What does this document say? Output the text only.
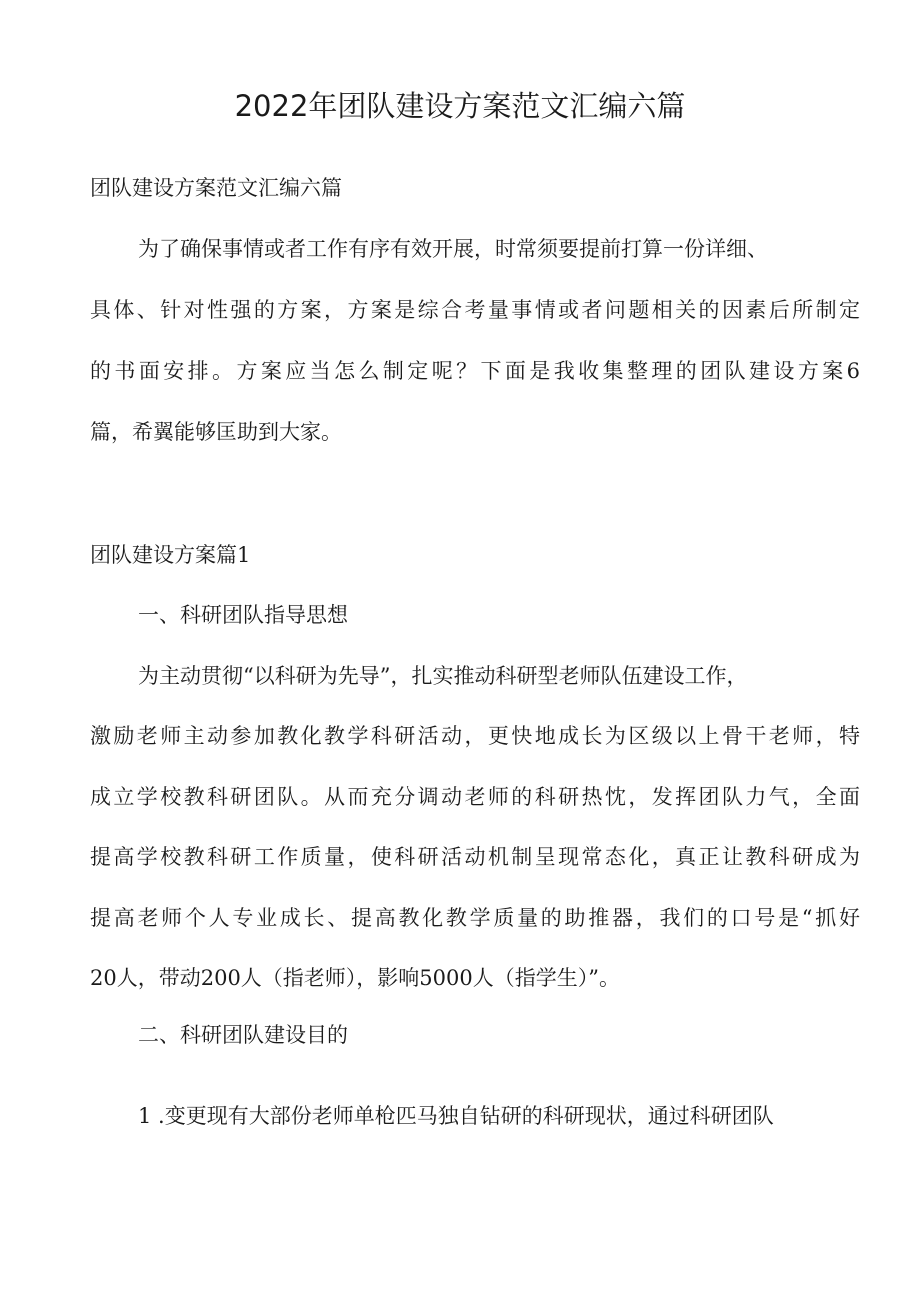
2022年团队建设方案范文汇编六篇
团队建设方案范文汇编六篇
为了确保事情或者工作有序有效开展，时常须要提前打算一份详细、
具体、针对性强的方案，方案是综合考量事情或者问题相关的因素后所制定
的书面安排。方案应当怎么制定呢？下面是我收集整理的团队建设方案6
篇，希翼能够匡助到大家。
团队建设方案篇1
一、科研团队指导思想
为主动贯彻“以科研为先导”，扎实推动科研型老师队伍建设工作，
激励老师主动参加教化教学科研活动，更快地成长为区级以上骨干老师，特
成立学校教科研团队。从而充分调动老师的科研热忱，发挥团队力气，全面
提高学校教科研工作质量，使科研活动机制呈现常态化，真正让教科研成为
提高老师个人专业成长、提高教化教学质量的助推器，我们的口号是“抓好
20人，带动200人（指老师），影响5000人（指学生）”。
二、科研团队建设目的
1 .变更现有大部份老师单枪匹马独自钻研的科研现状，通过科研团队
